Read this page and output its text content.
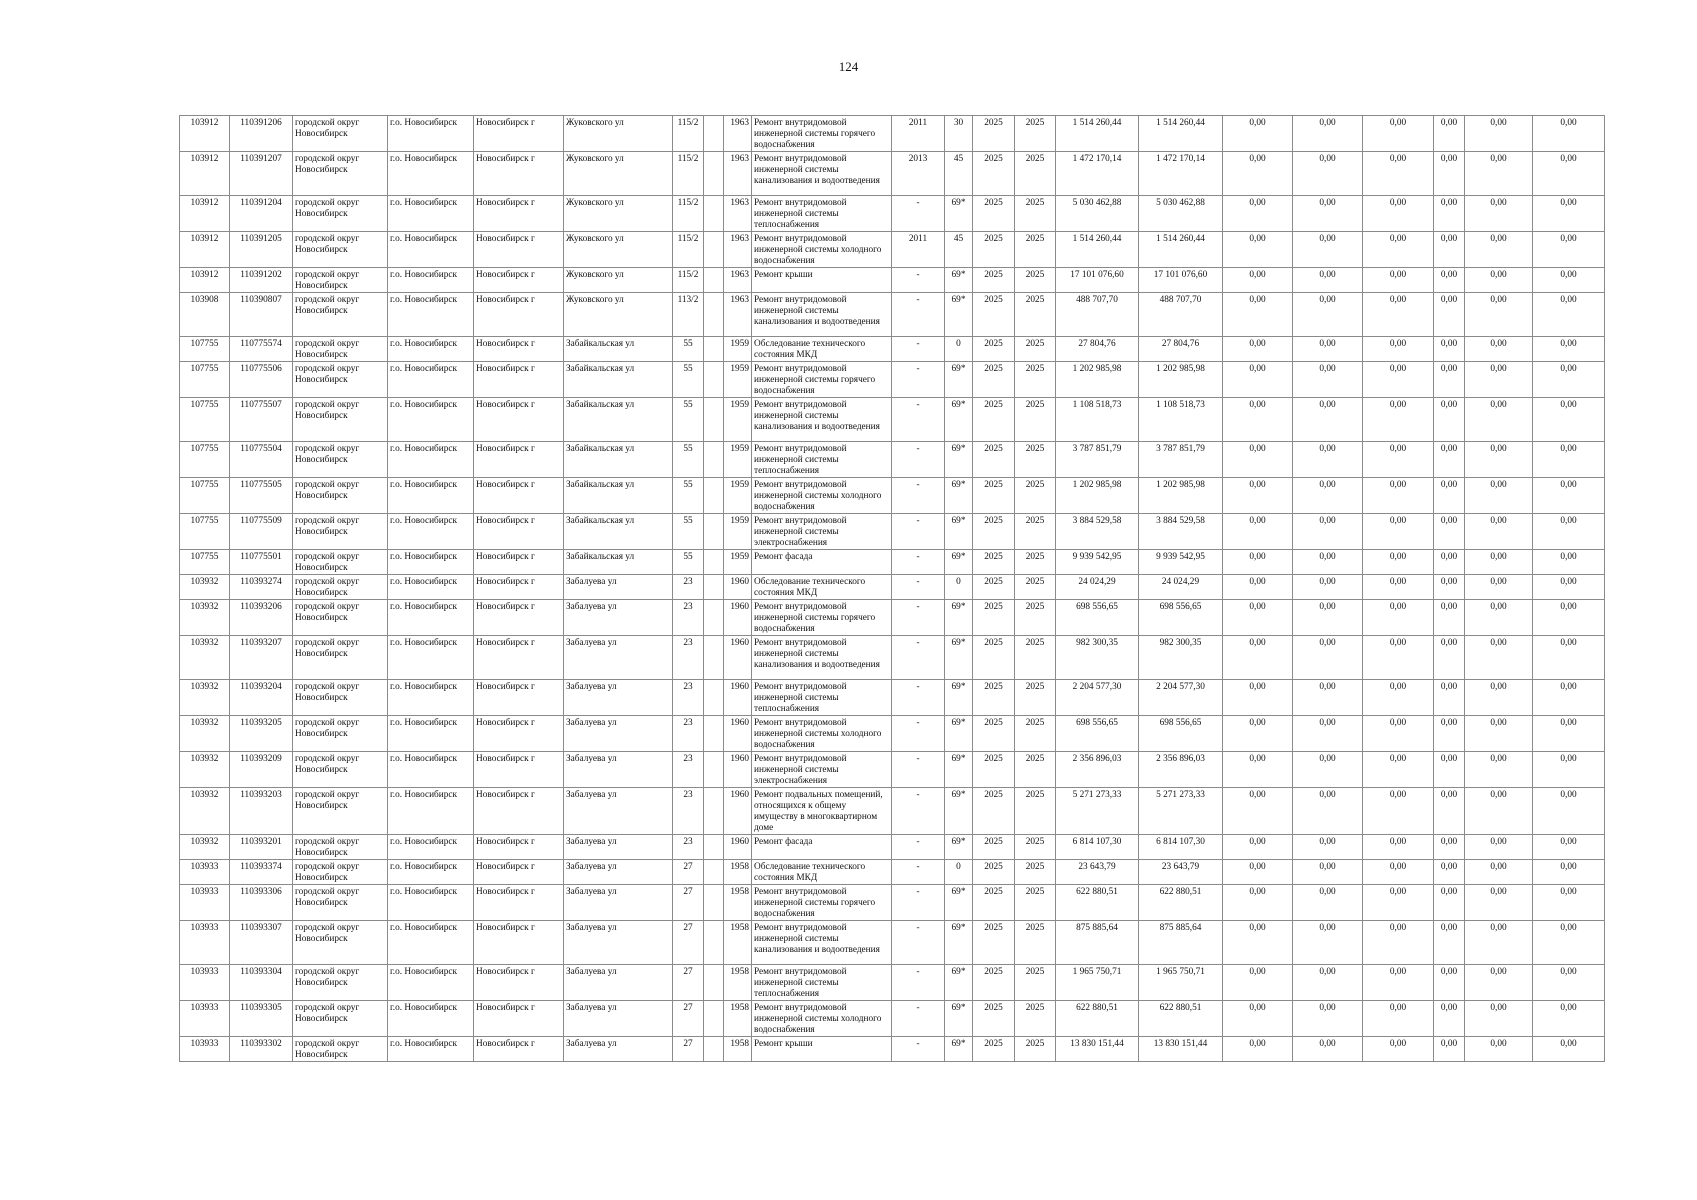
124
103912	110391206	городской округ Новосибирск	г.о. Новосибирск	Новосибирск г	Жуковского ул	115/2		1963	Ремонт внутридомовой инженерной системы горячего водоснабжения	2011	30	2025	2025	1 514 260,44	1 514 260,44	0,00	0,00	0,00	0,00	0,00	0,00
103912	110391207	городской округ Новосибирск	г.о. Новосибирск	Новосибирск г	Жуковского ул	115/2		1963	Ремонт внутридомовой инженерной системы канализования и водоотведения	2013	45	2025	2025	1 472 170,14	1 472 170,14	0,00	0,00	0,00	0,00	0,00	0,00
103912	110391204	городской округ Новосибирск	г.о. Новосибирск	Новосибирск г	Жуковского ул	115/2		1963	Ремонт внутридомовой инженерной системы теплоснабжения	-	69*	2025	2025	5 030 462,88	5 030 462,88	0,00	0,00	0,00	0,00	0,00	0,00
103912	110391205	городской округ Новосибирск	г.о. Новосибирск	Новосибирск г	Жуковского ул	115/2		1963	Ремонт внутридомовой инженерной системы холодного водоснабжения	2011	45	2025	2025	1 514 260,44	1 514 260,44	0,00	0,00	0,00	0,00	0,00	0,00
103912	110391202	городской округ Новосибирск	г.о. Новосибирск	Новосибирск г	Жуковского ул	115/2		1963	Ремонт крыши	-	69*	2025	2025	17 101 076,60	17 101 076,60	0,00	0,00	0,00	0,00	0,00	0,00
103908	110390807	городской округ Новосибирск	г.о. Новосибирск	Новосибирск г	Жуковского ул	113/2		1963	Ремонт внутридомовой инженерной системы канализования и водоотведения	-	69*	2025	2025	488 707,70	488 707,70	0,00	0,00	0,00	0,00	0,00	0,00
107755	110775574	городской округ Новосибирск	г.о. Новосибирск	Новосибирск г	Забайкальская ул	55		1959	Обследование технического состояния МКД	-	0	2025	2025	27 804,76	27 804,76	0,00	0,00	0,00	0,00	0,00	0,00
107755	110775506	городской округ Новосибирск	г.о. Новосибирск	Новосибирск г	Забайкальская ул	55		1959	Ремонт внутридомовой инженерной системы горячего водоснабжения	-	69*	2025	2025	1 202 985,98	1 202 985,98	0,00	0,00	0,00	0,00	0,00	0,00
107755	110775507	городской округ Новосибирск	г.о. Новосибирск	Новосибирск г	Забайкальская ул	55		1959	Ремонт внутридомовой инженерной системы канализования и водоотведения	-	69*	2025	2025	1 108 518,73	1 108 518,73	0,00	0,00	0,00	0,00	0,00	0,00
107755	110775504	городской округ Новосибирск	г.о. Новосибирск	Новосибирск г	Забайкальская ул	55		1959	Ремонт внутридомовой инженерной системы теплоснабжения	-	69*	2025	2025	3 787 851,79	3 787 851,79	0,00	0,00	0,00	0,00	0,00	0,00
107755	110775505	городской округ Новосибирск	г.о. Новосибирск	Новосибирск г	Забайкальская ул	55		1959	Ремонт внутридомовой инженерной системы холодного водоснабжения	-	69*	2025	2025	1 202 985,98	1 202 985,98	0,00	0,00	0,00	0,00	0,00	0,00
107755	110775509	городской округ Новосибирск	г.о. Новосибирск	Новосибирск г	Забайкальская ул	55		1959	Ремонт внутридомовой инженерной системы электроснабжения	-	69*	2025	2025	3 884 529,58	3 884 529,58	0,00	0,00	0,00	0,00	0,00	0,00
107755	110775501	городской округ Новосибирск	г.о. Новосибирск	Новосибирск г	Забайкальская ул	55		1959	Ремонт фасада	-	69*	2025	2025	9 939 542,95	9 939 542,95	0,00	0,00	0,00	0,00	0,00	0,00
103932	110393274	городской округ Новосибирск	г.о. Новосибирск	Новосибирск г	Забалуева ул	23		1960	Обследование технического состояния МКД	-	0	2025	2025	24 024,29	24 024,29	0,00	0,00	0,00	0,00	0,00	0,00
103932	110393206	городской округ Новосибирск	г.о. Новосибирск	Новосибирск г	Забалуева ул	23		1960	Ремонт внутридомовой инженерной системы горячего водоснабжения	-	69*	2025	2025	698 556,65	698 556,65	0,00	0,00	0,00	0,00	0,00	0,00
103932	110393207	городской округ Новосибирск	г.о. Новосибирск	Новосибирск г	Забалуева ул	23		1960	Ремонт внутридомовой инженерной системы канализования и водоотведения	-	69*	2025	2025	982 300,35	982 300,35	0,00	0,00	0,00	0,00	0,00	0,00
103932	110393204	городской округ Новосибирск	г.о. Новосибирск	Новосибирск г	Забалуева ул	23		1960	Ремонт внутридомовой инженерной системы теплоснабжения	-	69*	2025	2025	2 204 577,30	2 204 577,30	0,00	0,00	0,00	0,00	0,00	0,00
103932	110393205	городской округ Новосибирск	г.о. Новосибирск	Новосибирск г	Забалуева ул	23		1960	Ремонт внутридомовой инженерной системы холодного водоснабжения	-	69*	2025	2025	698 556,65	698 556,65	0,00	0,00	0,00	0,00	0,00	0,00
103932	110393209	городской округ Новосибирск	г.о. Новосибирск	Новосибирск г	Забалуева ул	23		1960	Ремонт внутридомовой инженерной системы электроснабжения	-	69*	2025	2025	2 356 896,03	2 356 896,03	0,00	0,00	0,00	0,00	0,00	0,00
103932	110393203	городской округ Новосибирск	г.о. Новосибирск	Новосибирск г	Забалуева ул	23		1960	Ремонт подвальных помещений, относящихся к общему имуществу в многоквартирном доме	-	69*	2025	2025	5 271 273,33	5 271 273,33	0,00	0,00	0,00	0,00	0,00	0,00
103932	110393201	городской округ Новосибирск	г.о. Новосибирск	Новосибирск г	Забалуева ул	23		1960	Ремонт фасада	-	69*	2025	2025	6 814 107,30	6 814 107,30	0,00	0,00	0,00	0,00	0,00	0,00
103933	110393374	городской округ Новосибирск	г.о. Новосибирск	Новосибирск г	Забалуева ул	27		1958	Обследование технического состояния МКД	-	0	2025	2025	23 643,79	23 643,79	0,00	0,00	0,00	0,00	0,00	0,00
103933	110393306	городской округ Новосибирск	г.о. Новосибирск	Новосибирск г	Забалуева ул	27		1958	Ремонт внутридомовой инженерной системы горячего водоснабжения	-	69*	2025	2025	622 880,51	622 880,51	0,00	0,00	0,00	0,00	0,00	0,00
103933	110393307	городской округ Новосибирск	г.о. Новосибирск	Новосибирск г	Забалуева ул	27		1958	Ремонт внутридомовой инженерной системы канализования и водоотведения	-	69*	2025	2025	875 885,64	875 885,64	0,00	0,00	0,00	0,00	0,00	0,00
103933	110393304	городской округ Новосибирск	г.о. Новосибирск	Новосибирск г	Забалуева ул	27		1958	Ремонт внутридомовой инженерной системы теплоснабжения	-	69*	2025	2025	1 965 750,71	1 965 750,71	0,00	0,00	0,00	0,00	0,00	0,00
103933	110393305	городской округ Новосибирск	г.о. Новосибирск	Новосибирск г	Забалуева ул	27		1958	Ремонт внутридомовой инженерной системы холодного водоснабжения	-	69*	2025	2025	622 880,51	622 880,51	0,00	0,00	0,00	0,00	0,00	0,00
103933	110393302	городской округ Новосибирск	г.о. Новосибирск	Новосибирск г	Забалуева ул	27		1958	Ремонт крыши	-	69*	2025	2025	13 830 151,44	13 830 151,44	0,00	0,00	0,00	0,00	0,00	0,00
